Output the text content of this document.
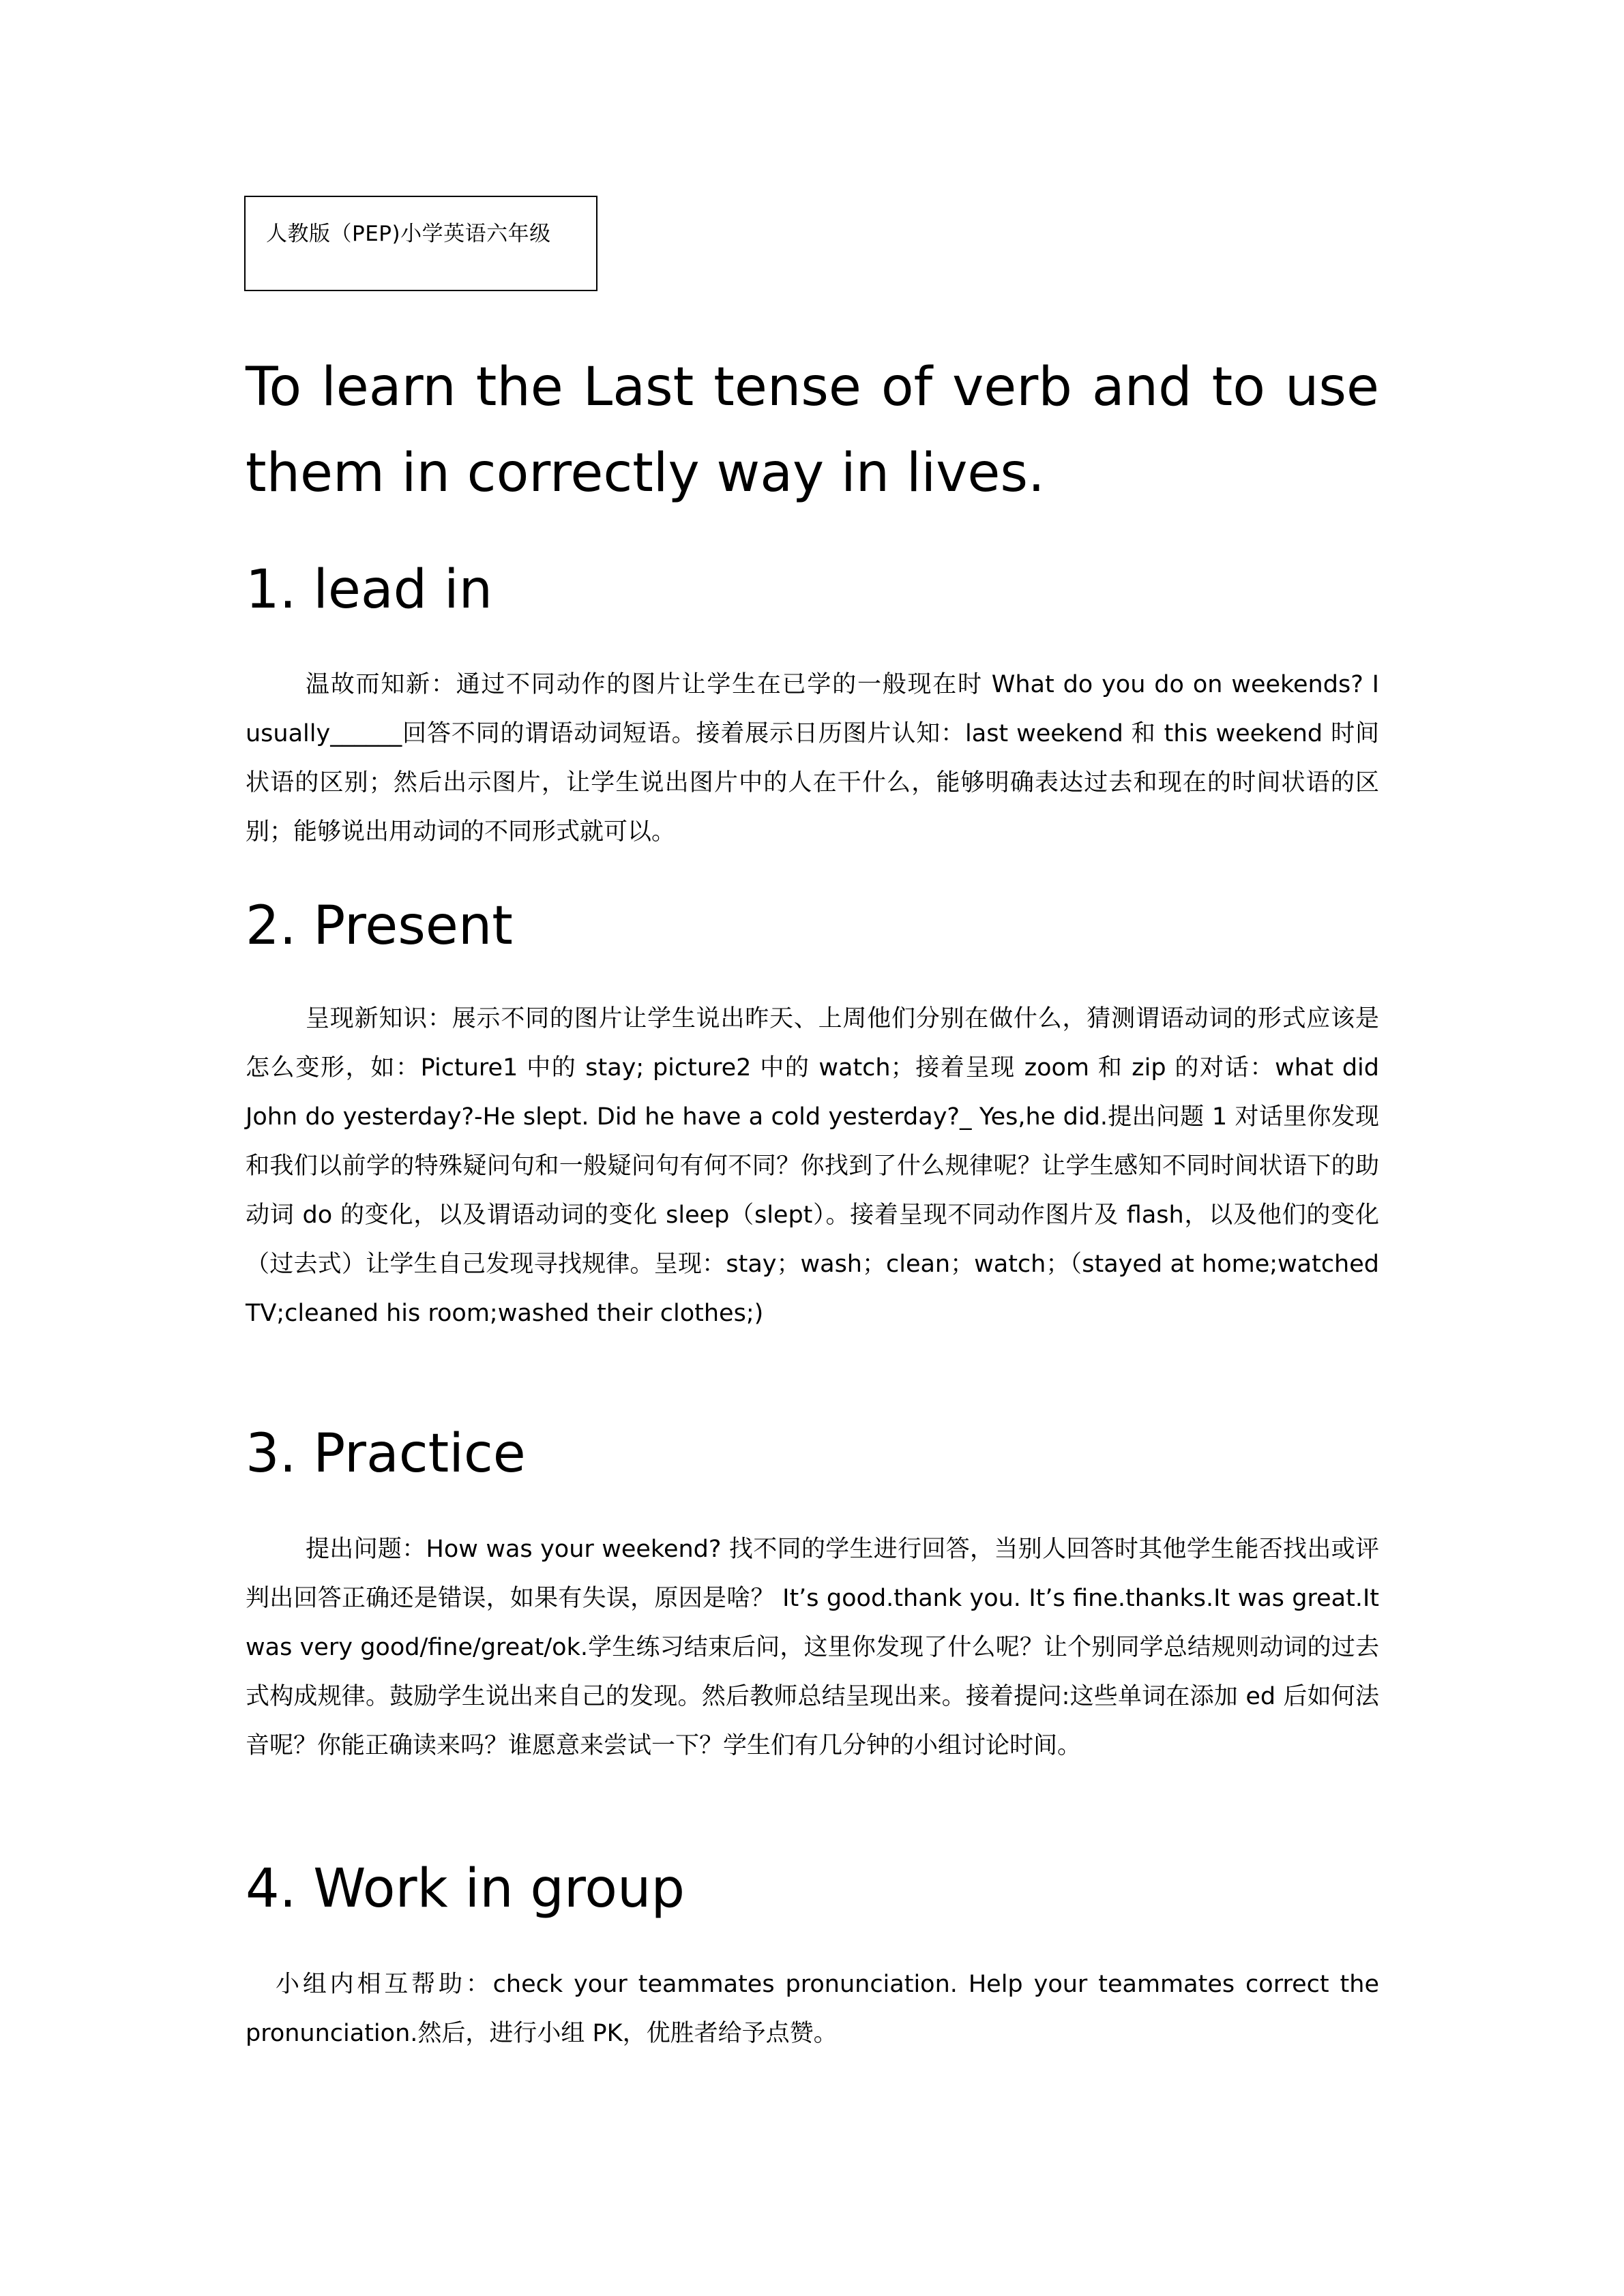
人教版（PEP)小学英语六年级
To learn the Last tense of verb and to use them in correctly way in lives.
1. lead in

温故而知新：通过不同动作的图片让学生在已学的一般现在时 What do you do on weekends? I usually______回答不同的谓语动词短语。接着展示日历图片认知：last weekend 和 this weekend 时间状语的区别；然后出示图片，让学生说出图片中的人在干什么，能够明确表达过去和现在的时间状语的区别；能够说出用动词的不同形式就可以。

2. Present

呈现新知识：展示不同的图片让学生说出昨天、上周他们分别在做什么，猜测谓语动词的形式应该是怎么变形，如：Picture1 中的 stay; picture2 中的 watch；接着呈现 zoom 和 zip 的对话：what did John do yesterday?-He slept. Did he have a cold yesterday?_ Yes,he did.提出问题 1 对话里你发现和我们以前学的特殊疑问句和一般疑问句有何不同？你找到了什么规律呢？让学生感知不同时间状语下的助动词 do 的变化，以及谓语动词的变化 sleep（slept）。接着呈现不同动作图片及 flash，以及他们的变化（过去式）让学生自己发现寻找规律。呈现：stay；wash；clean；watch；（stayed at home;watched TV;cleaned his room;washed their clothes;)

3. Practice

提出问题：How was your weekend? 找不同的学生进行回答，当别人回答时其他学生能否找出或评判出回答正确还是错误，如果有失误，原因是啥？ It’s good.thank you. It’s fine.thanks.It was great.It was very good/fine/great/ok.学生练习结束后问，这里你发现了什么呢？让个别同学总结规则动词的过去式构成规律。鼓励学生说出来自己的发现。然后教师总结呈现出来。接着提问:这些单词在添加 ed 后如何法音呢？你能正确读来吗？谁愿意来尝试一下？学生们有几分钟的小组讨论时间。

4. Work in group

小组内相互帮助：check your teammates pronunciation. Help your teammates correct the pronunciation.然后，进行小组 PK，优胜者给予点赞。
